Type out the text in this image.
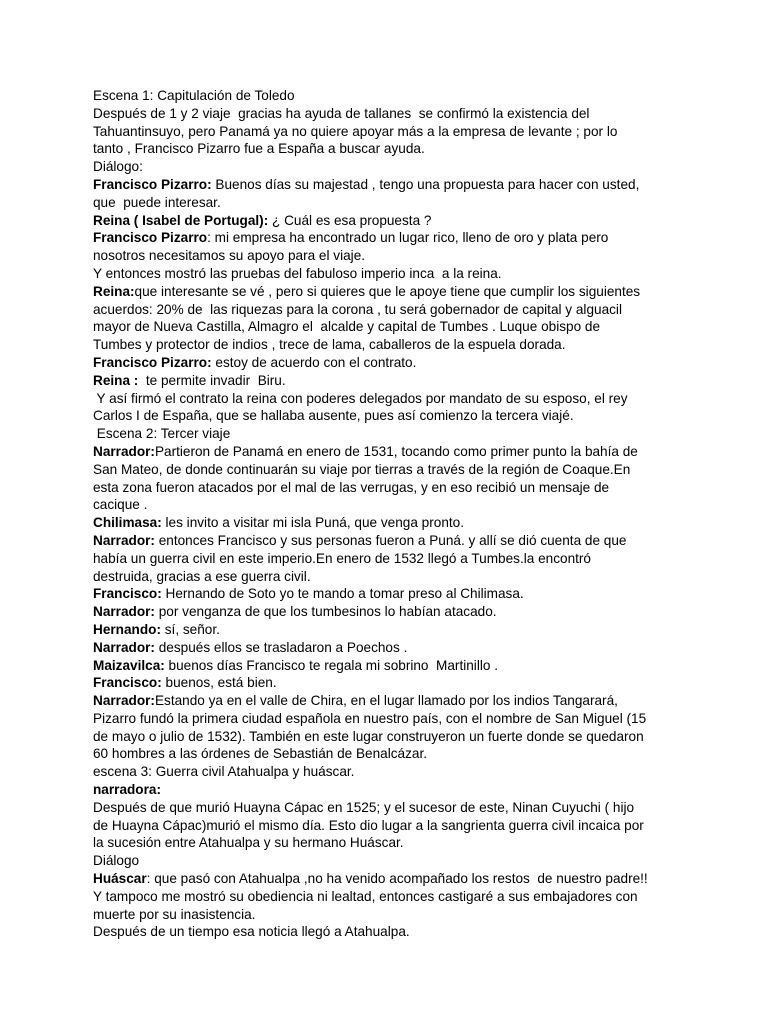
Escena 1: Capitulación de Toledo
Después de 1 y 2 viaje  gracias ha ayuda de tallanes  se confirmó la existencia del
Tahuantinsuyo, pero Panamá ya no quiere apoyar más a la empresa de levante ; por lo
tanto , Francisco Pizarro fue a España a buscar ayuda.
Diálogo:
Francisco Pizarro: Buenos días su majestad , tengo una propuesta para hacer con usted,
que  puede interesar.
Reina ( Isabel de Portugal): ¿ Cuál es esa propuesta ?
Francisco Pizarro: mi empresa ha encontrado un lugar rico, lleno de oro y plata pero
nosotros necesitamos su apoyo para el viaje.
Y entonces mostró las pruebas del fabuloso imperio inca  a la reina.
Reina:que interesante se vé , pero si quieres que le apoye tiene que cumplir los siguientes
acuerdos: 20% de  las riquezas para la corona , tu será gobernador de capital y alguacil
mayor de Nueva Castilla, Almagro el  alcalde y capital de Tumbes . Luque obispo de
Tumbes y protector de indios , trece de lama, caballeros de la espuela dorada.
Francisco Pizarro: estoy de acuerdo con el contrato.
Reina :  te permite invadir  Biru.
Y así firmó el contrato la reina con poderes delegados por mandato de su esposo, el rey
Carlos I de España, que se hallaba ausente, pues así comienzo la tercera viajé.
Escena 2: Tercer viaje
Narrador:Partieron de Panamá en enero de 1531, tocando como primer punto la bahía de
San Mateo, de donde continuarán su viaje por tierras a través de la región de Coaque.En
esta zona fueron atacados por el mal de las verrugas, y en eso recibió un mensaje de
cacique .
Chilimasa: les invito a visitar mi isla Puná, que venga pronto.
Narrador: entonces Francisco y sus personas fueron a Puná. y allí se dió cuenta de que
había un guerra civil en este imperio.En enero de 1532 llegó a Tumbes.la encontró
destruida, gracias a ese guerra civil.
Francisco: Hernando de Soto yo te mando a tomar preso al Chilimasa.
Narrador: por venganza de que los tumbesinos lo habían atacado.
Hernando: sí, señor.
Narrador: después ellos se trasladaron a Poechos .
Maizavilca: buenos días Francisco te regala mi sobrino  Martinillo .
Francisco: buenos, está bien.
Narrador:Estando ya en el valle de Chira, en el lugar llamado por los indios Tangarará,
Pizarro fundó la primera ciudad española en nuestro país, con el nombre de San Miguel (15
de mayo o julio de 1532). También en este lugar construyeron un fuerte donde se quedaron
60 hombres a las órdenes de Sebastián de Benalcázar.
escena 3: Guerra civil Atahualpa y huáscar.
narradora:
Después de que murió Huayna Cápac en 1525; y el sucesor de este, Ninan Cuyuchi ( hijo
de Huayna Cápac)murió el mismo día. Esto dio lugar a la sangrienta guerra civil incaica por
la sucesión entre Atahualpa y su hermano Huáscar.
Diálogo
Huáscar: que pasó con Atahualpa ,no ha venido acompañado los restos  de nuestro padre!!
Y tampoco me mostró su obediencia ni lealtad, entonces castigaré a sus embajadores con
muerte por su inasistencia.
Después de un tiempo esa noticia llegó a Atahualpa.
